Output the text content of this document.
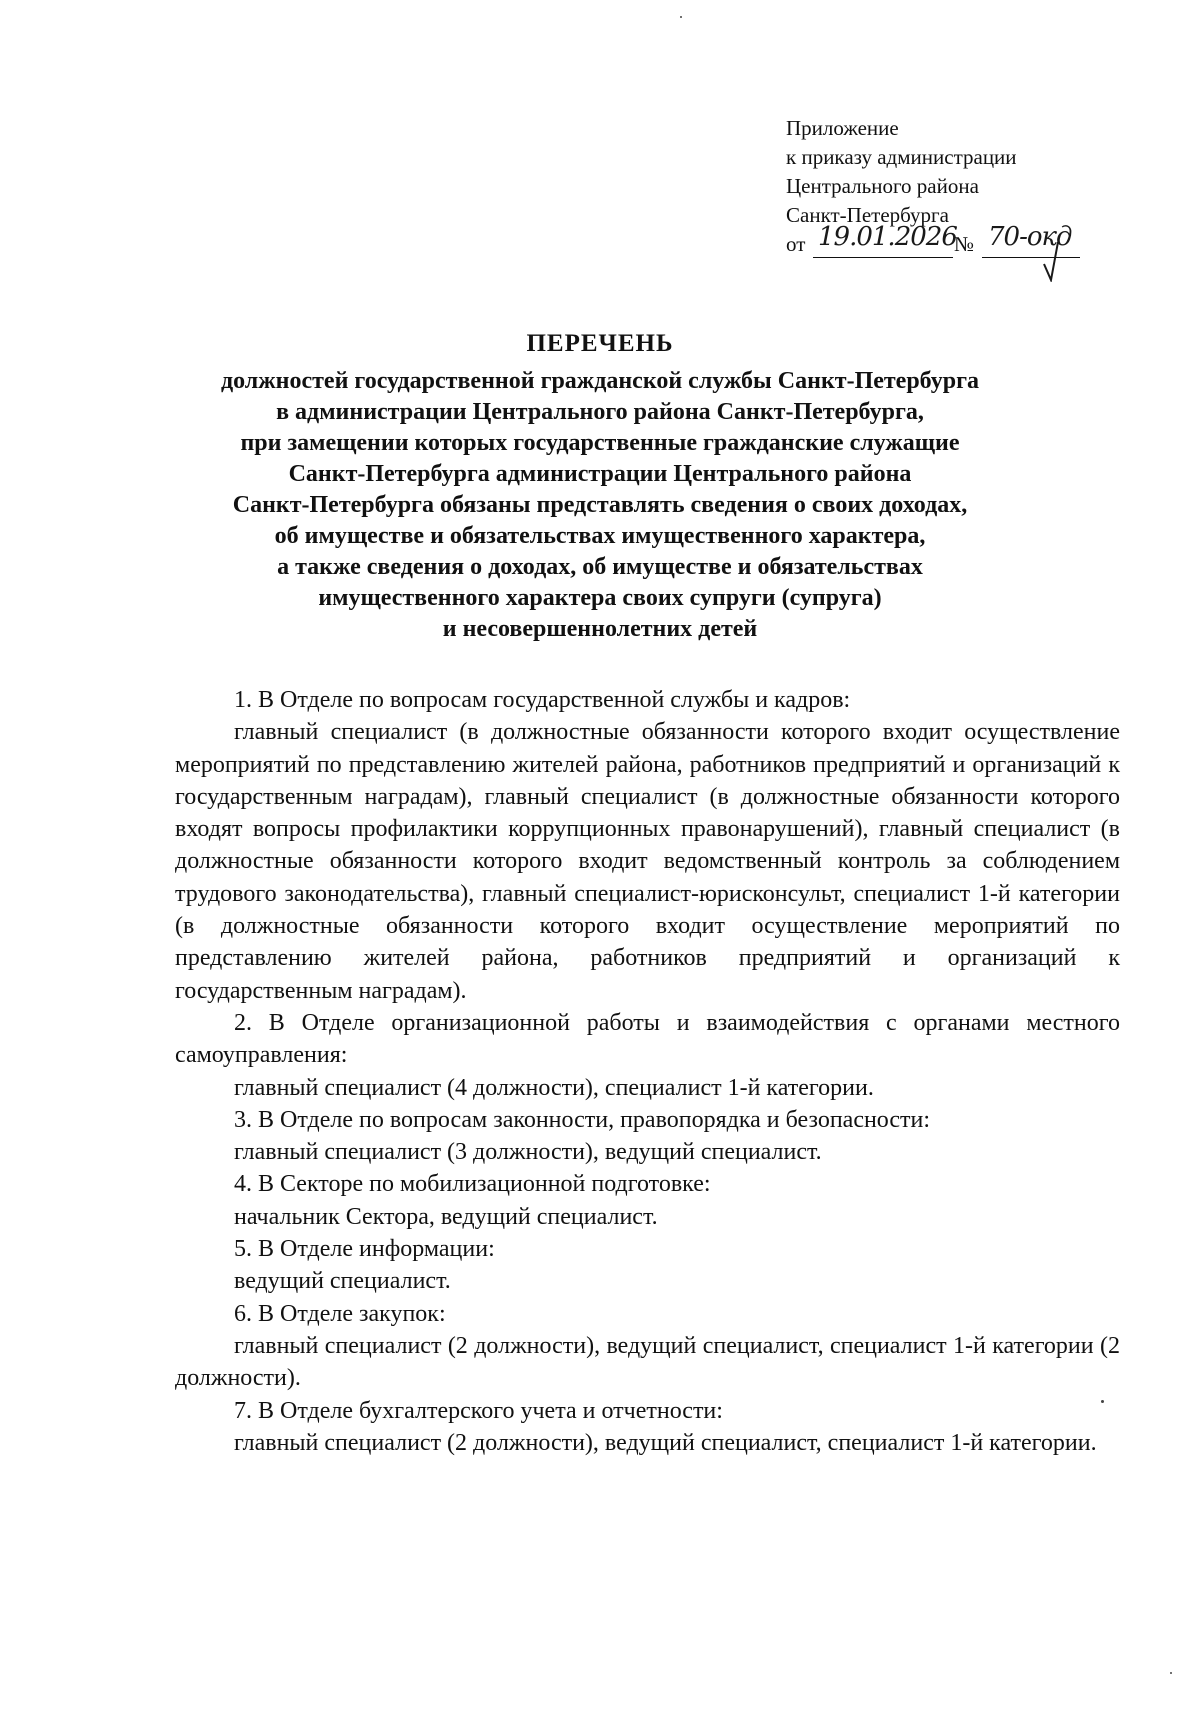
Приложение
к приказу администрации
Центрального района
Санкт-Петербурга
от 19.01.2026
№ 70-окд
ПЕРЕЧЕНЬ
должностей государственной гражданской службы Санкт-Петербурга
в администрации Центрального района Санкт-Петербурга,
при замещении которых государственные гражданские служащие
Санкт-Петербурга администрации Центрального района
Санкт-Петербурга обязаны представлять сведения о своих доходах,
об имуществе и обязательствах имущественного характера,
а также сведения о доходах, об имуществе и обязательствах
имущественного характера своих супруги (супруга)
и несовершеннолетних детей

1. В Отделе по вопросам государственной службы и кадров:

главный специалист (в должностные обязанности которого входит осуществление мероприятий по представлению жителей района, работников предприятий и организаций к государственным наградам), главный специалист (в должностные обязанности которого входят вопросы профилактики коррупционных правонарушений), главный специалист (в должностные обязанности которого входит ведомственный контроль за соблюдением трудового законодательства), главный специалист-юрисконсульт, специалист 1-й категории (в должностные обязанности которого входит осуществление мероприятий по представлению жителей района, работников предприятий и организаций к государственным наградам).

2. В Отделе организационной работы и взаимодействия с органами местного самоуправления:

главный специалист (4 должности), специалист 1-й категории.

3. В Отделе по вопросам законности, правопорядка и безопасности:

главный специалист (3 должности), ведущий специалист.

4. В Секторе по мобилизационной подготовке:

начальник Сектора, ведущий специалист.

5. В Отделе информации:

ведущий специалист.

6. В Отделе закупок:

главный специалист (2 должности), ведущий специалист, специалист 1-й категории (2 должности).

7. В Отделе бухгалтерского учета и отчетности:

главный специалист (2 должности), ведущий специалист, специалист 1-й категории.
